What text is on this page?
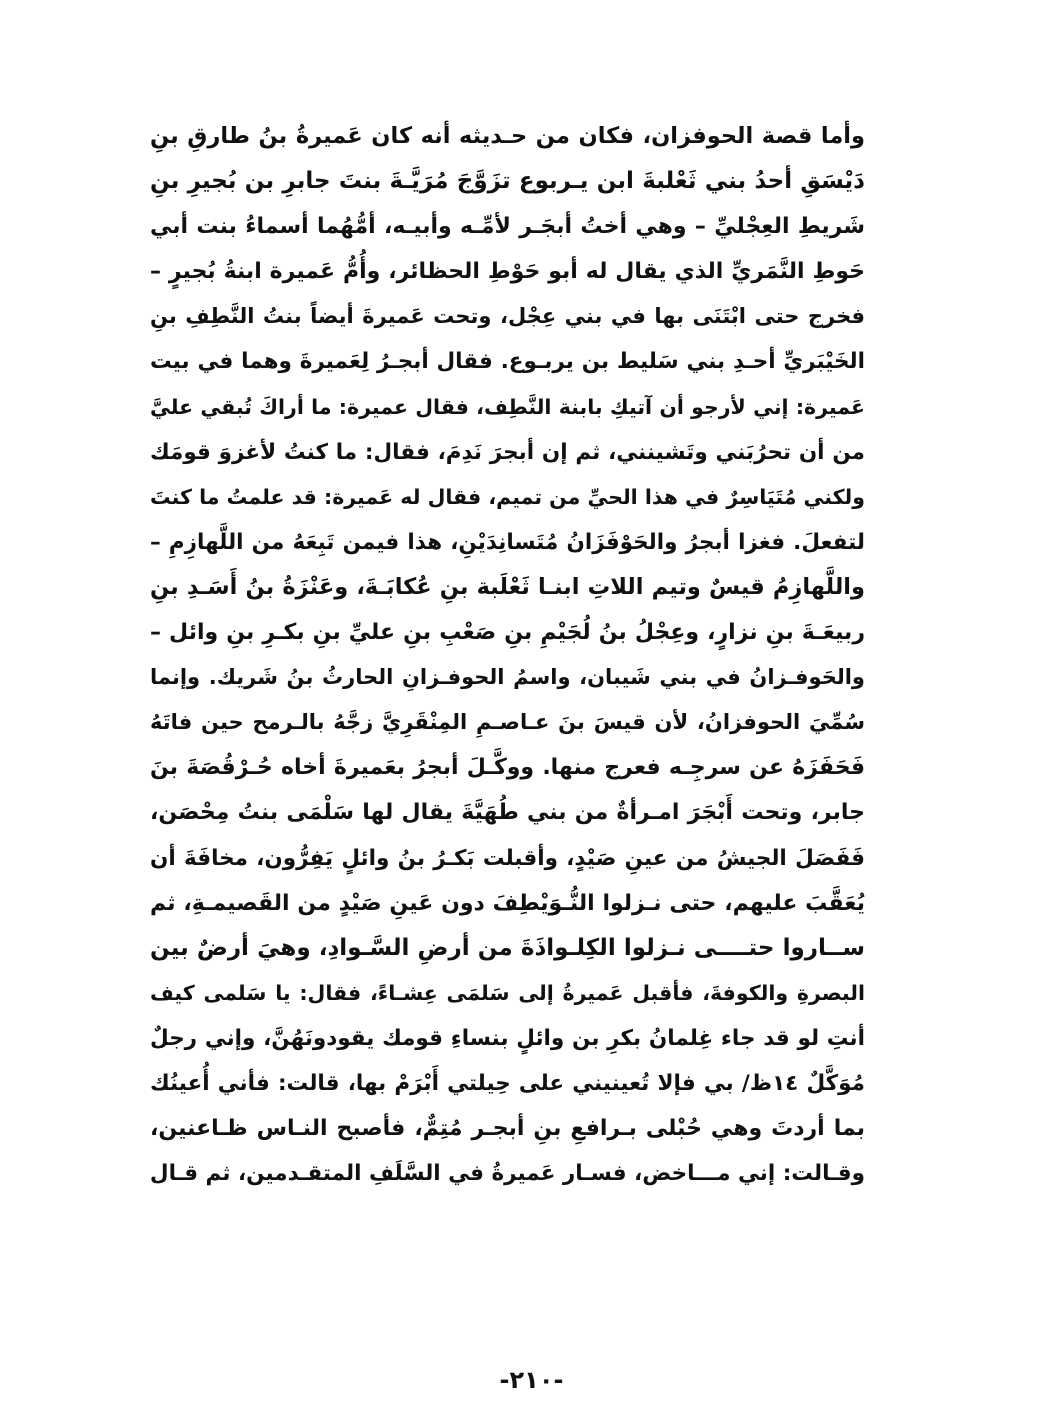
وأما قصة الحوفزان، فكان من حـديثه أنه كان عَميرةُ بنُ طارقِ بنِ
دَيْسَقِ أحدُ بني ثَعْلبةَ ابن يـربوع تزَوَّجَ مُرَيَّـةَ بنتَ جابرِ بن بُجيرِ بنِ
شَريطِ العِجْليِّ – وهي أختُ أبجَـر لأمِّـه وأبيـه، أمُّهُما أسماءُ بنت أبي
حَوطِ النَّمَريِّ الذي يقال له أبو حَوْطِ الحظائر، وأُمُّ عَميرة ابنةُ بُجيرٍ –
فخرج حتى ابْتَنَى بها في بني عِجْل، وتحت عَميرةَ أيضاً بنتُ النَّطِفِ بنِ
الخَيْبَريِّ أحـدِ بني سَليط بن يربـوع. فقال أبجـرُ لِعَميرةَ وهما في بيت
عَميرة: إني لأرجو أن آتيكِ بابنة النَّطِف، فقال عميرة: ما أراكَ تُبقي عليَّ
من أن تحرُبَني وتَشينني، ثم إن أبجرَ نَدِمَ، فقال: ما كنتُ لأغزوَ قومَك
ولكني مُتَيَاسِرٌ في هذا الحيِّ من تميم، فقال له عَميرة: قد علمتُ ما كنتَ
لتفعلَ. فغزا أبجرُ والحَوْفَزَانُ مُتَسانِدَيْنِ، هذا فيمن تَبِعَهُ من اللَّهازِمِ –
واللَّهازِمُ قيسٌ وتيم اللاتِ ابنـا ثَعْلَبة بنِ عُكابَـةَ، وعَنْزَةُ بنُ أَسَـدِ بنِ
ربيعَـةَ بنِ نزارٍ، وعِجْلُ بنُ لُجَيْمِ بنِ صَعْبِ بنِ عليِّ بنِ بكـرِ بنِ وائل –
والحَوفـزانُ في بني شَيبان، واسمُ الحوفـزانِ الحارثُ بنُ شَريك. وإنما
سُمِّيَ الحوفزانُ، لأن قيسَ بنَ عـاصـمِ المِنْقَرِيَّ زجَّهُ بالـرمح حين فاتَهُ
فَحَفَزَهُ عن سرجِـه فعرج منها. ووكَّـلَ أبجرُ بعَميرةَ أخاه حُـرْقُصَةَ بنَ
جابر، وتحت أَبْجَرَ امـرأةٌ من بني طُهَيَّةَ يقال لها سَلْمَى بنتُ مِحْصَن،
فَفَصَلَ الجيشُ من عينِ صَيْدٍ، وأقبلت بَكـرُ بنُ وائلٍ يَفِرُّون، مخافَةَ أن
يُعَقَّبَ عليهم، حتى نـزلوا النُّـوَيْطِفَ دون عَينِ صَيْدٍ من القَصيمـةِ، ثم
ســاروا حتــــى نـزلوا الكِلـواذَةَ من أرضِ السَّـوادِ، وهيَ أرضٌ بين
البصرةِ والكوفةَ، فأقبل عَميرةُ إلى سَلمَى عِشـاءً، فقال: يا سَلمى كيف
أنتِ لو قد جاء غِلمانُ بكرِ بن وائلٍ بنساءِ قومك يقودونَهُنَّ، وإني رجلٌ
مُوَكَّلٌ ١٤ظ/ بي فإلا تُعينيني على حِيلتي أَبْرَمْ بها، قالت: فأني أُعينُك
بما أردتَ وهي حُبْلى بـرافعِ بنِ أبجـر مُتِمٌّ، فأصبح النـاس ظـاعنين،
وقـالت: إني مـــاخض، فسـار عَميرةُ في السَّلَفِ المتقـدمين، ثم قـال
-٢١٠-
